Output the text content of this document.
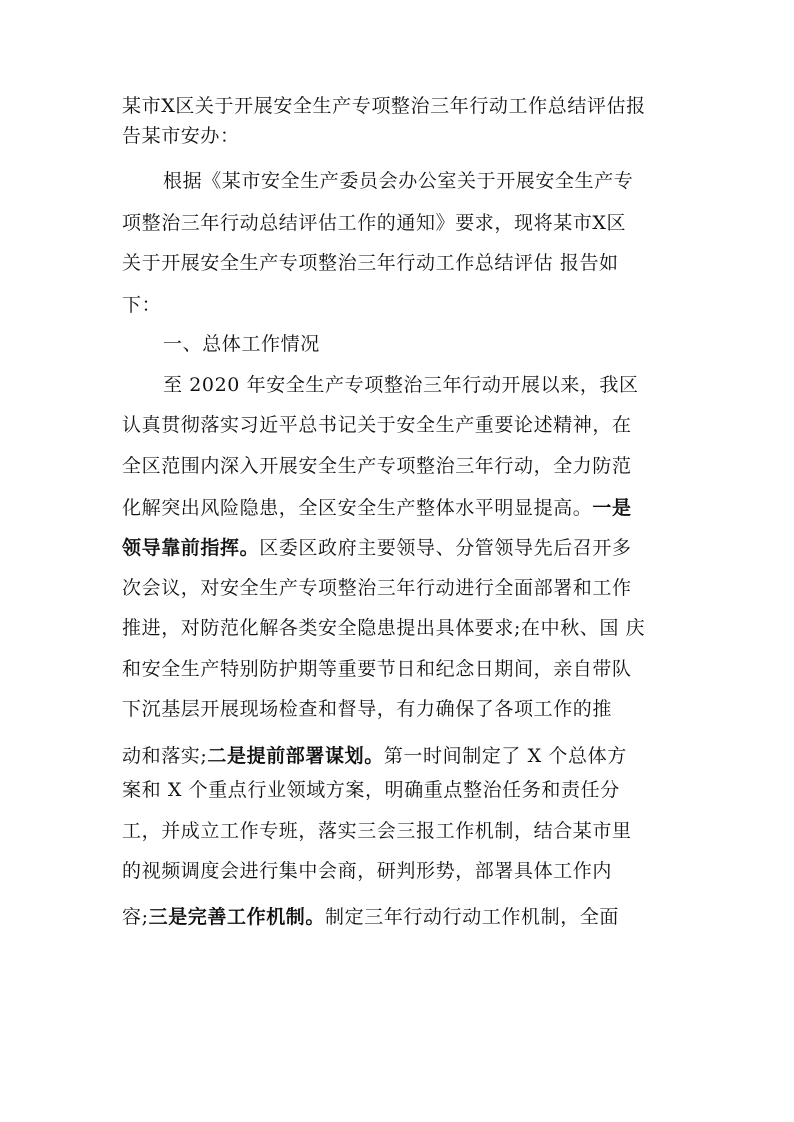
某市X区关于开展安全生产专项整治三年行动工作总结评估报
告某市安办：
根据《某市安全生产委员会办公室关于开展安全生产专
项整治三年行动总结评估工作的通知》要求，现将某市X区
关于开展安全生产专项整治三年行动工作总结评估 报告如
下：
一、总体工作情况
至 2020 年安全生产专项整治三年行动开展以来，我区
认真贯彻落实习近平总书记关于安全生产重要论述精神，在
全区范围内深入开展安全生产专项整治三年行动，全力防范
化解突出风险隐患，全区安全生产整体水平明显提高。一是
领导靠前指挥。区委区政府主要领导、分管领导先后召开多
次会议，对安全生产专项整治三年行动进行全面部署和工作
推进，对防范化解各类安全隐患提出具体要求;在中秋、国 庆
和安全生产特别防护期等重要节日和纪念日期间，亲自带队
下沉基层开展现场检查和督导，有力确保了各项工作的推
动和落实;二是提前部署谋划。第一时间制定了 X 个总体方
案和 X 个重点行业领域方案，明确重点整治任务和责任分
工，并成立工作专班，落实三会三报工作机制，结合某市里
的视频调度会进行集中会商，研判形势，部署具体工作内
容;三是完善工作机制。制定三年行动行动工作机制，全面
